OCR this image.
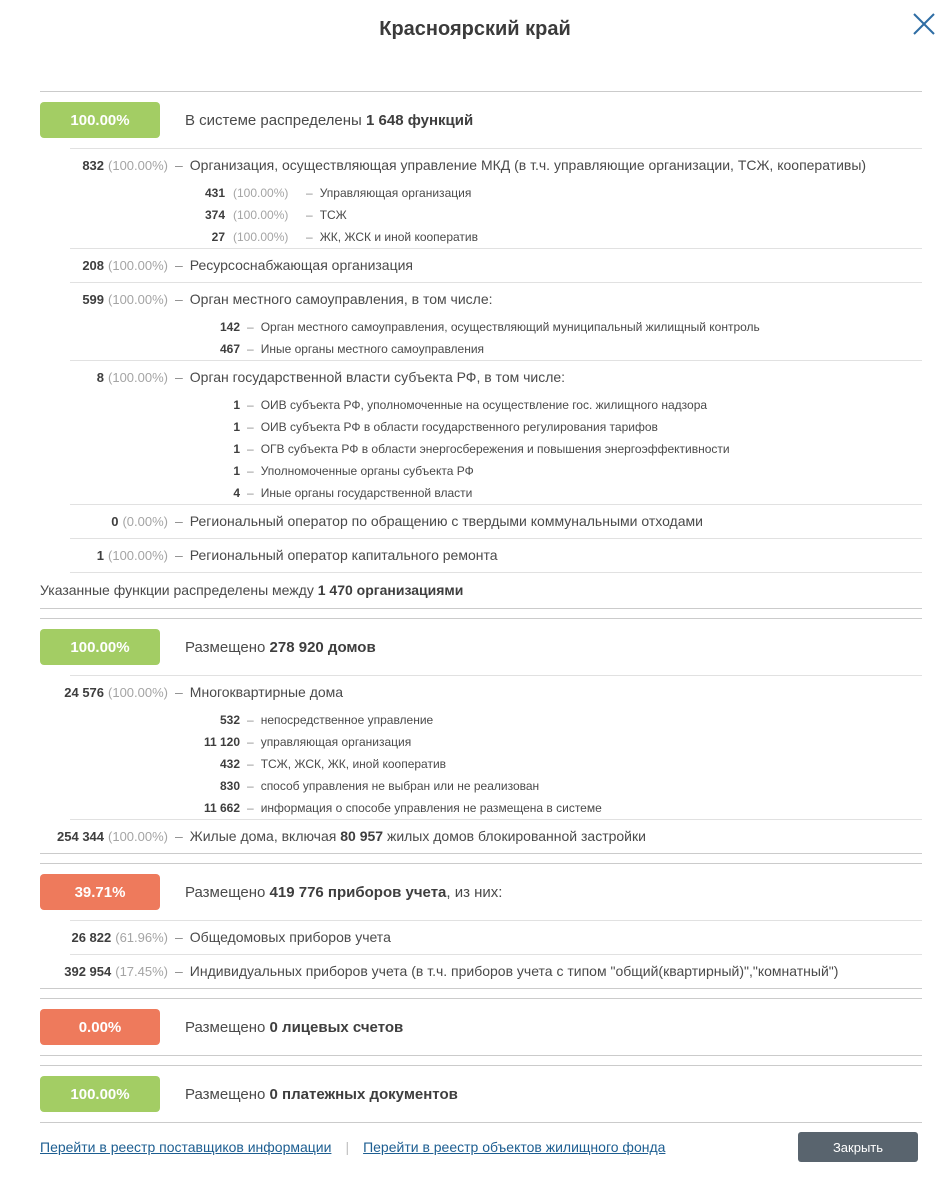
Красноярский край
100.00%	В системе распределены 1 648 функций
832 (100.00%) – Организация, осуществляющая управление МКД (в т.ч. управляющие организации, ТСЖ, кооперативы)
431 (100.00%)	– Управляющая организация
374 (100.00%)	– ТСЖ
27 (100.00%)	– ЖК, ЖСК и иной кооператив
208 (100.00%) – Ресурсоснабжающая организация
599 (100.00%) – Орган местного самоуправления, в том числе:
142 – Орган местного самоуправления, осуществляющий муниципальный жилищный контроль
467 – Иные органы местного самоуправления
8 (100.00%) – Орган государственной власти субъекта РФ, в том числе:
1 – ОИВ субъекта РФ, уполномоченные на осуществление гос. жилищного надзора
1 – ОИВ субъекта РФ в области государственного регулирования тарифов
1 – ОГВ субъекта РФ в области энергосбережения и повышения энергоэффективности
1 – Уполномоченные органы субъекта РФ
4 – Иные органы государственной власти
0 (0.00%) – Региональный оператор по обращению с твердыми коммунальными отходами
1 (100.00%) – Региональный оператор капитального ремонта
Указанные функции распределены между 1 470 организациями
100.00%	Размещено 278 920 домов
24 576 (100.00%) – Многоквартирные дома
532 – непосредственное управление
11 120 – управляющая организация
432 – ТСЖ, ЖСК, ЖК, иной кооператив
830 – способ управления не выбран или не реализован
11 662 – информация о способе управления не размещена в системе
254 344 (100.00%) – Жилые дома, включая 80 957 жилых домов блокированной застройки
39.71%	Размещено 419 776 приборов учета, из них:
26 822 (61.96%) – Общедомовых приборов учета
392 954 (17.45%) – Индивидуальных приборов учета (в т.ч. приборов учета с типом "общий(квартирный)","комнатный")
0.00%	Размещено 0 лицевых счетов
100.00%	Размещено 0 платежных документов
Перейти в реестр поставщиков информации | Перейти в реестр объектов жилищного фонда	Закрыть
